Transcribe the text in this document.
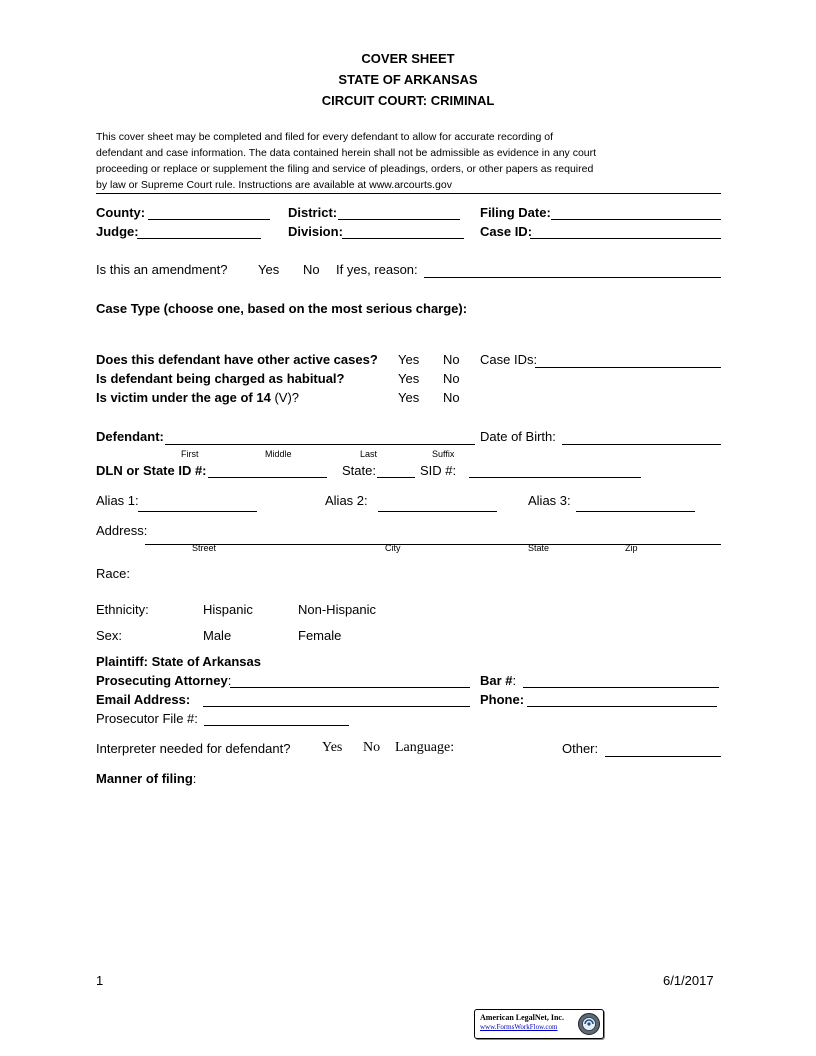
COVER SHEET
STATE OF ARKANSAS
CIRCUIT COURT: CRIMINAL
This cover sheet may be completed and filed for every defendant to allow for accurate recording of
defendant and case information. The data contained herein shall not be admissible as evidence in any court
proceeding or replace or supplement the filing and service of pleadings, orders, or other papers as required
by law or Supreme Court rule. Instructions are available at www.arcourts.gov
County:	District:	Filing Date:
Judge:	Division:	Case ID:
Is this an amendment? Yes No If yes, reason:
Case Type (choose one, based on the most serious charge):
Does this defendant have other active cases? Yes No Case IDs:
Is defendant being charged as habitual?	Yes No
Is victim under the age of 14 (V)?	Yes No
Defendant:	Date of Birth:
First	Middle	Last	Suffix
DLN or State ID #:	State:	SID #:
Alias 1:	Alias 2:	Alias 3:
Address:
Street	City	State	Zip
Race:
Ethnicity:	Hispanic	Non-Hispanic
Sex:	Male	Female
Plaintiff: State of Arkansas
Prosecuting Attorney:	Bar #:
Email Address:	Phone:
Prosecutor File #:
Interpreter needed for defendant? Yes No Language:	Other:
Manner of filing:
1	6/1/2017
American LegalNet, Inc.
www.FormsWorkFlow.com
